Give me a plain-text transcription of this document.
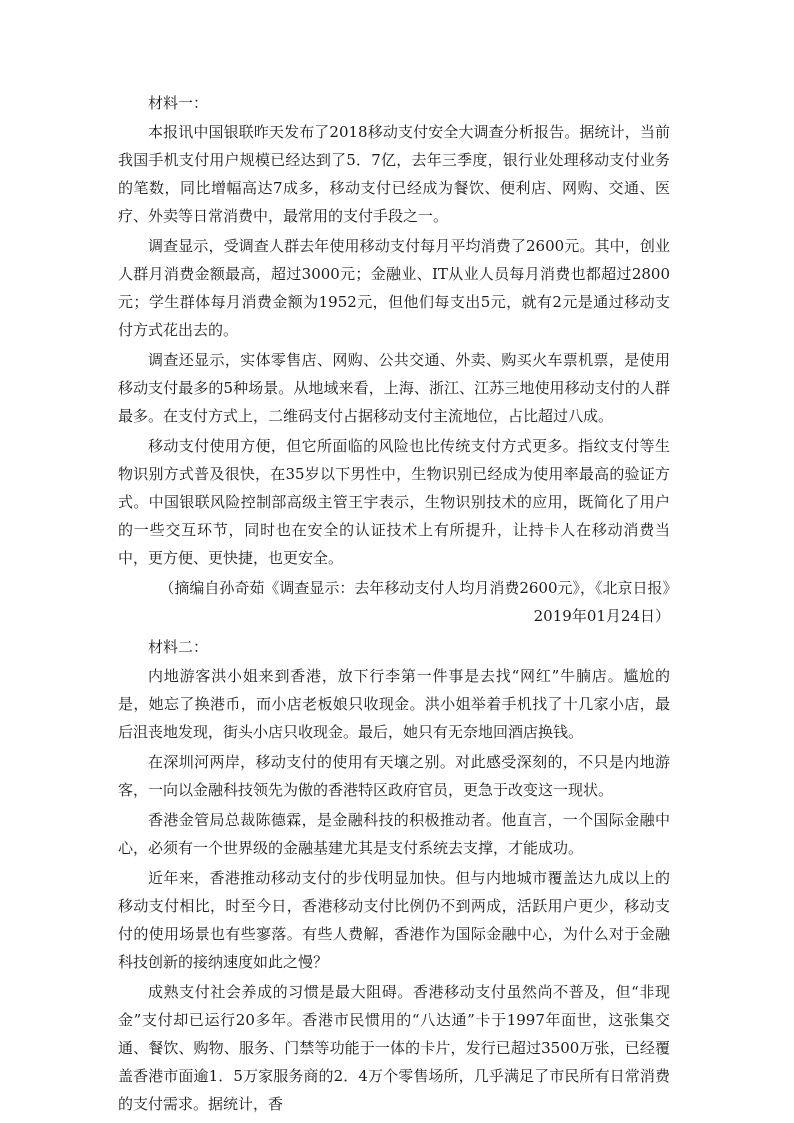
材料一：

本报讯中国银联昨天发布了2018移动支付安全大调查分析报告。据统计，当前我国手机支付用户规模已经达到了5．7亿，去年三季度，银行业处理移动支付业务的笔数，同比增幅高达7成多，移动支付已经成为餐饮、便利店、网购、交通、医疗、外卖等日常消费中，最常用的支付手段之一。

调查显示，受调查人群去年使用移动支付每月平均消费了2600元。其中，创业人群月消费金额最高，超过3000元；金融业、IT从业人员每月消费也都超过2800元；学生群体每月消费金额为1952元，但他们每支出5元，就有2元是通过移动支付方式花出去的。

调查还显示，实体零售店、网购、公共交通、外卖、购买火车票机票，是使用移动支付最多的5种场景。从地域来看，上海、浙江、江苏三地使用移动支付的人群最多。在支付方式上，二维码支付占据移动支付主流地位，占比超过八成。

移动支付使用方便，但它所面临的风险也比传统支付方式更多。指纹支付等生物识别方式普及很快，在35岁以下男性中，生物识别已经成为使用率最高的验证方式。中国银联风险控制部高级主管王宇表示，生物识别技术的应用，既简化了用户的一些交互环节，同时也在安全的认证技术上有所提升，让持卡人在移动消费当中，更方便、更快捷，也更安全。

（摘编自孙奇茹《调查显示：去年移动支付人均月消费2600元》，《北京日报》2019年01月24日）

材料二：

内地游客洪小姐来到香港，放下行李第一件事是去找“网红”牛腩店。尴尬的是，她忘了换港币，而小店老板娘只收现金。洪小姐举着手机找了十几家小店，最后沮丧地发现，街头小店只收现金。最后，她只有无奈地回酒店换钱。

在深圳河两岸，移动支付的使用有天壤之别。对此感受深刻的，不只是内地游客，一向以金融科技领先为傲的香港特区政府官员，更急于改变这一现状。

香港金管局总裁陈德霖，是金融科技的积极推动者。他直言，一个国际金融中心，必须有一个世界级的金融基建尤其是支付系统去支撑，才能成功。

近年来，香港推动移动支付的步伐明显加快。但与内地城市覆盖达九成以上的移动支付相比，时至今日，香港移动支付比例仍不到两成，活跃用户更少，移动支付的使用场景也有些寥落。有些人费解，香港作为国际金融中心，为什么对于金融科技创新的接纳速度如此之慢？

成熟支付社会养成的习惯是最大阻碍。香港移动支付虽然尚不普及，但“非现金”支付却已运行20多年。香港市民惯用的“八达通”卡于1997年面世，这张集交通、餐饮、购物、服务、门禁等功能于一体的卡片，发行已超过3500万张，已经覆盖香港市面逾1．5万家服务商的2．4万个零售场所，几乎满足了市民所有日常消费的支付需求。据统计，香
